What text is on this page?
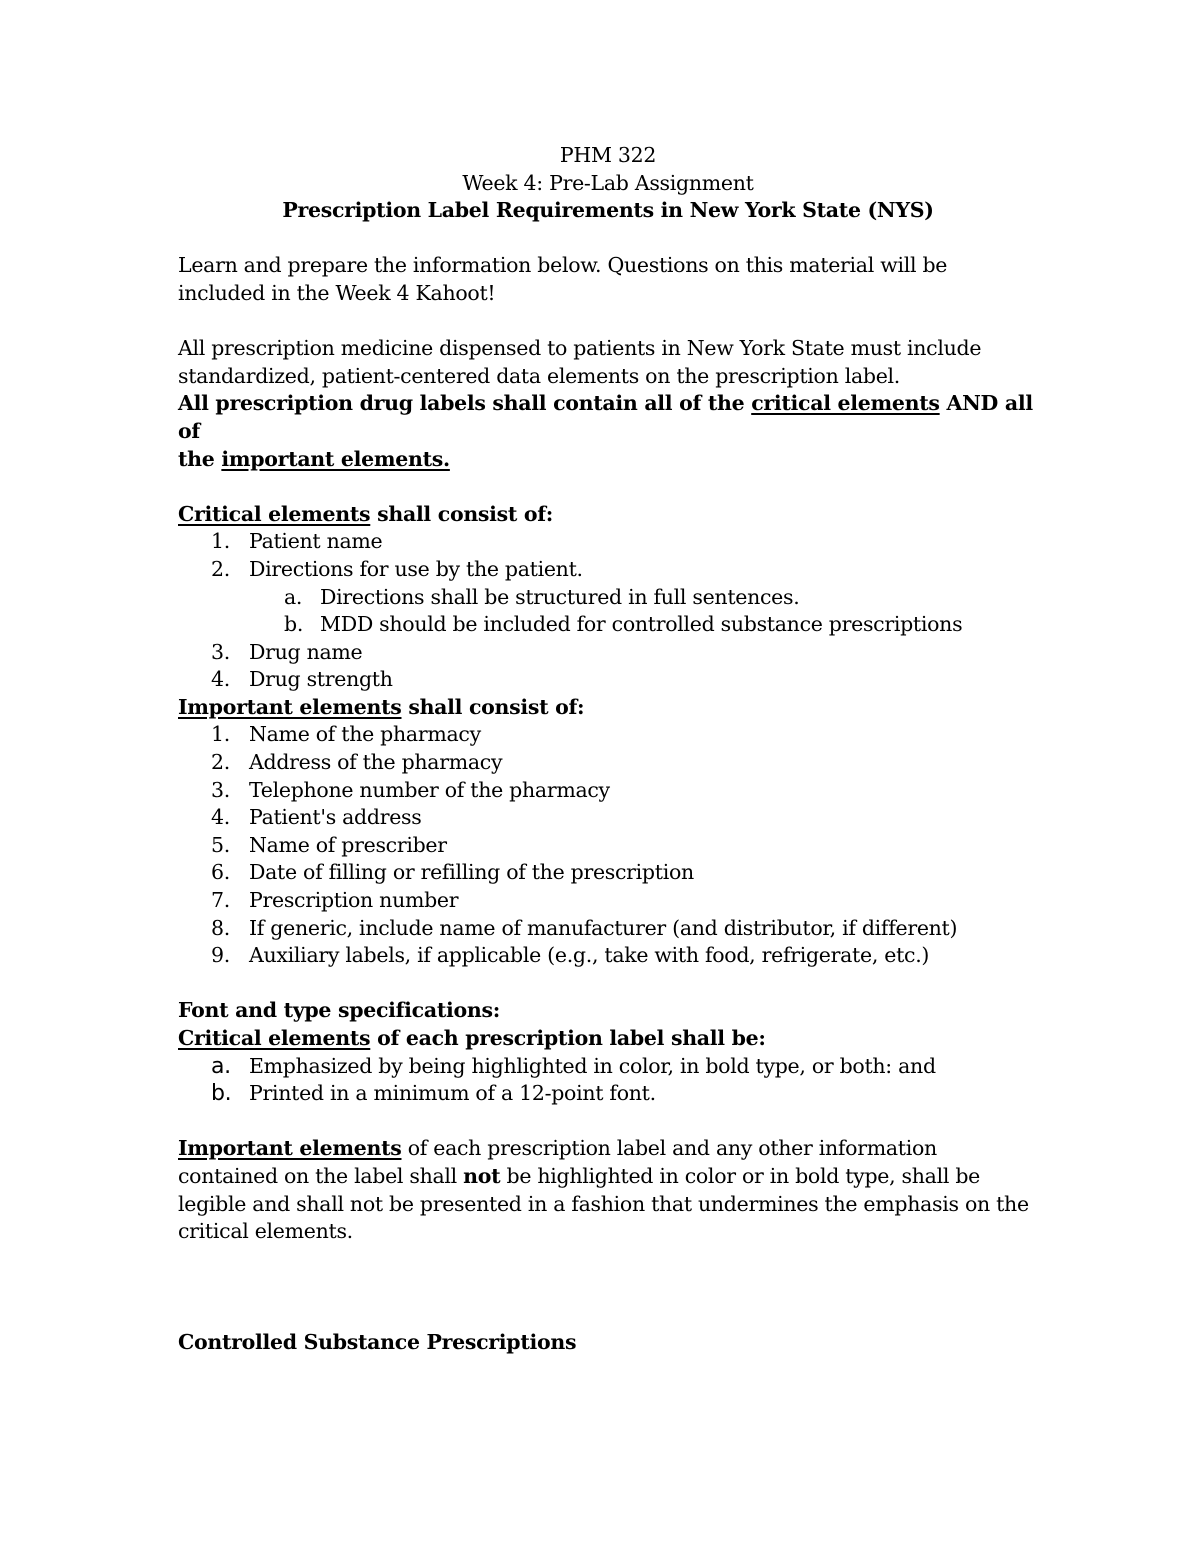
PHM 322

Week 4: Pre-Lab Assignment

Prescription Label Requirements in New York State (NYS)

Learn and prepare the information below. Questions on this material will be

included in the Week 4 Kahoot!

All prescription medicine dispensed to patients in New York State must include

standardized, patient-centered data elements on the prescription label.

All prescription drug labels shall contain all of the critical elements AND all of

the important elements.

Critical elements shall consist of:

1. Patient name
2. Directions for use by the patient.
a. Directions shall be structured in full sentences.
b. MDD should be included for controlled substance prescriptions
3. Drug name
4. Drug strength

Important elements shall consist of:

1. Name of the pharmacy
2. Address of the pharmacy
3. Telephone number of the pharmacy
4. Patient's address
5. Name of prescriber
6. Date of filling or refilling of the prescription
7. Prescription number
8. If generic, include name of manufacturer (and distributor, if different)
9. Auxiliary labels, if applicable (e.g., take with food, refrigerate, etc.)

Font and type specifications:

Critical elements of each prescription label shall be:

a. Emphasized by being highlighted in color, in bold type, or both: and
b. Printed in a minimum of a 12-point font.

Important elements of each prescription label and any other information

contained on the label shall not be highlighted in color or in bold type, shall be

legible and shall not be presented in a fashion that undermines the emphasis on the

critical elements.

Controlled Substance Prescriptions
